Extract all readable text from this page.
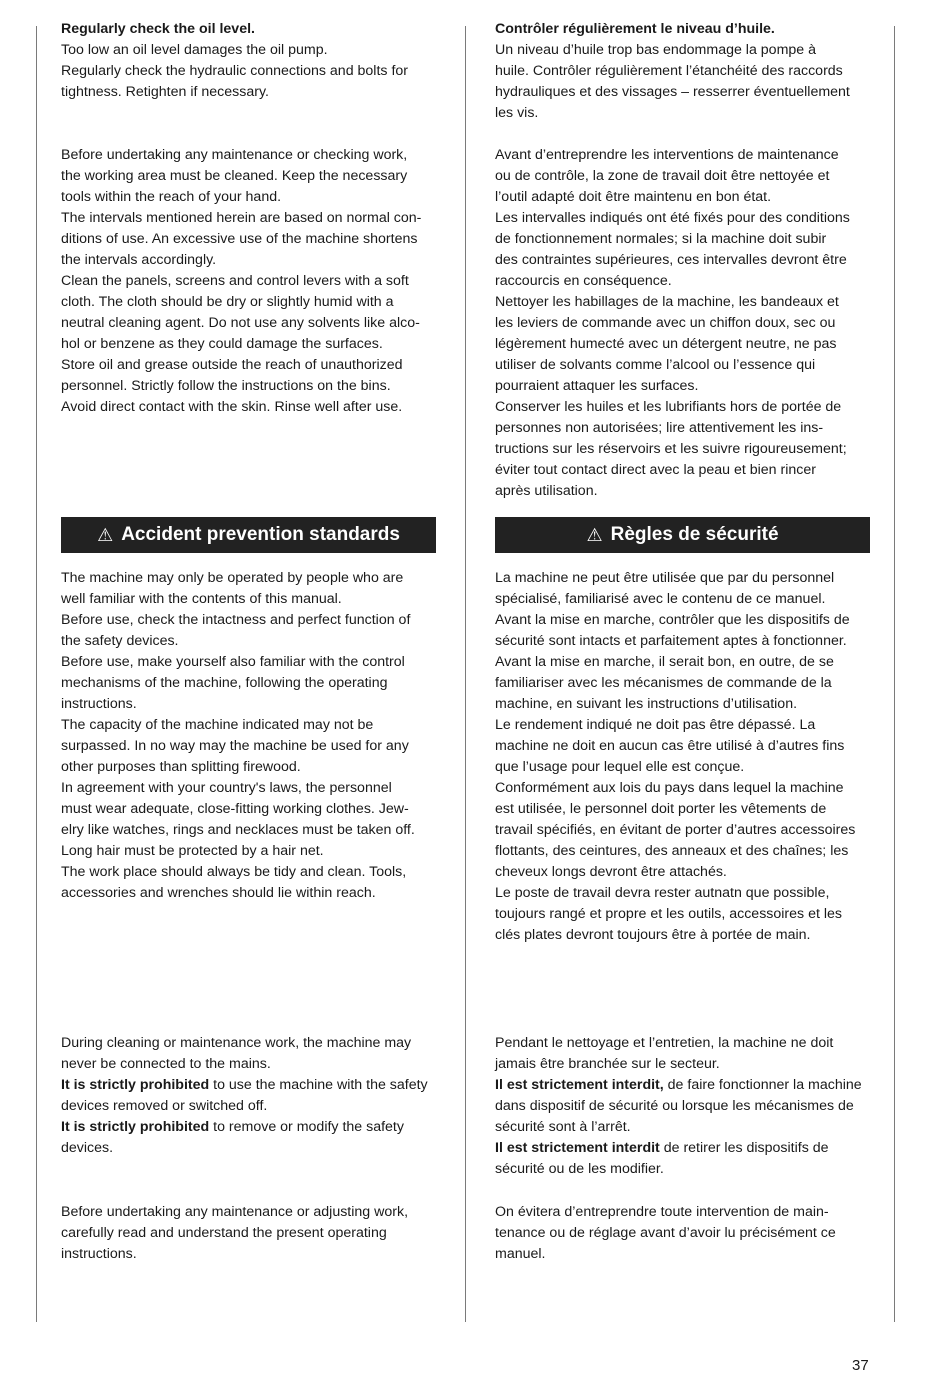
Regularly check the oil level.

Too low an oil level damages the oil pump.

Regularly check the hydraulic connections and bolts for

tightness. Retighten if necessary.

Before undertaking any maintenance or checking work,

the working area must be cleaned. Keep the necessary

tools within the reach of your hand.

The intervals mentioned herein are based on normal con-

ditions of use. An excessive use of the machine shortens

the intervals accordingly.

Clean the panels, screens and control levers with a soft

cloth. The cloth should be dry or slightly humid with a

neutral cleaning agent. Do not use any solvents like alco-

hol or benzene as they could damage the surfaces.

Store oil and grease outside the reach of unauthorized

personnel. Strictly follow the instructions on the bins.

Avoid direct contact with the skin. Rinse well after use.

⚠ Accident prevention standards

The machine may only be operated by people who are

well familiar with the contents of this manual.

Before use, check the intactness and perfect function of

the safety devices.

Before use, make yourself also familiar with the control

mechanisms of the machine, following the operating

instructions.

The capacity of the machine indicated may not be

surpassed. In no way may the machine be used for any

other purposes than splitting firewood.

In agreement with your country's laws, the personnel

must wear adequate, close-fitting working clothes. Jew-

elry like watches, rings and necklaces must be taken off.

Long hair must be protected by a hair net.

The work place should always be tidy and clean. Tools,

accessories and wrenches should lie within reach.

During cleaning or maintenance work, the machine may

never be connected to the mains.

It is strictly prohibited to use the machine with the safety

devices removed or switched off.

It is strictly prohibited to remove or modify the safety

devices.

Before undertaking any maintenance or adjusting work,

carefully read and understand the present operating

instructions.

Contrôler régulièrement le niveau d’huile.

Un niveau d’huile trop bas endommage la pompe à

huile. Contrôler régulièrement l’étanchéité des raccords

hydrauliques et des vissages – resserrer éventuellement

les vis.

Avant d’entreprendre les interventions de maintenance

ou de contrôle, la zone de travail doit être nettoyée et

l’outil adapté doit être maintenu en bon état.

Les intervalles indiqués ont été fixés pour des conditions

de fonctionnement normales; si la machine doit subir

des contraintes supérieures, ces intervalles devront être

raccourcis en conséquence.

Nettoyer les habillages de la machine, les bandeaux et

les leviers de commande avec un chiffon doux, sec ou

légèrement humecté avec un détergent neutre, ne pas

utiliser de solvants comme l’alcool ou l’essence qui

pourraient attaquer les surfaces.

Conserver les huiles et les lubrifiants hors de portée de

personnes non autorisées; lire attentivement les ins-

tructions sur les réservoirs et les suivre rigoureusement;

éviter tout contact direct avec la peau et bien rincer

après utilisation.

⚠ Règles de sécurité

La machine ne peut être utilisée que par du personnel

spécialisé, familiarisé avec le contenu de ce manuel.

Avant la mise en marche, contrôler que les dispositifs de

sécurité sont intacts et parfaitement aptes à fonctionner.

Avant la mise en marche, il serait bon, en outre, de se

familiariser avec les mécanismes de commande de la

machine, en suivant les instructions d’utilisation.

Le rendement indiqué ne doit pas être dépassé. La

machine ne doit en aucun cas être utilisé à d’autres fins

que l’usage pour lequel elle est conçue.

Conformément aux lois du pays dans lequel la machine

est utilisée, le personnel doit porter les vêtements de

travail spécifiés, en évitant de porter d’autres accessoires

flottants, des ceintures, des anneaux et des chaînes; les

cheveux longs devront être attachés.

Le poste de travail devra rester autnatn que possible,

toujours rangé et propre et les outils, accessoires et les

clés plates devront toujours être à portée de main.

Pendant le nettoyage et l’entretien, la machine ne doit

jamais être branchée sur le secteur.

Il est strictement interdit, de faire fonctionner la machine

dans dispositif de sécurité ou lorsque les mécanismes de

sécurité sont à l’arrêt.

Il est strictement interdit de retirer les dispositifs de

sécurité ou de les modifier.

On évitera d’entreprendre toute intervention de main-

tenance ou de réglage avant d’avoir lu précisément ce

manuel.

37
